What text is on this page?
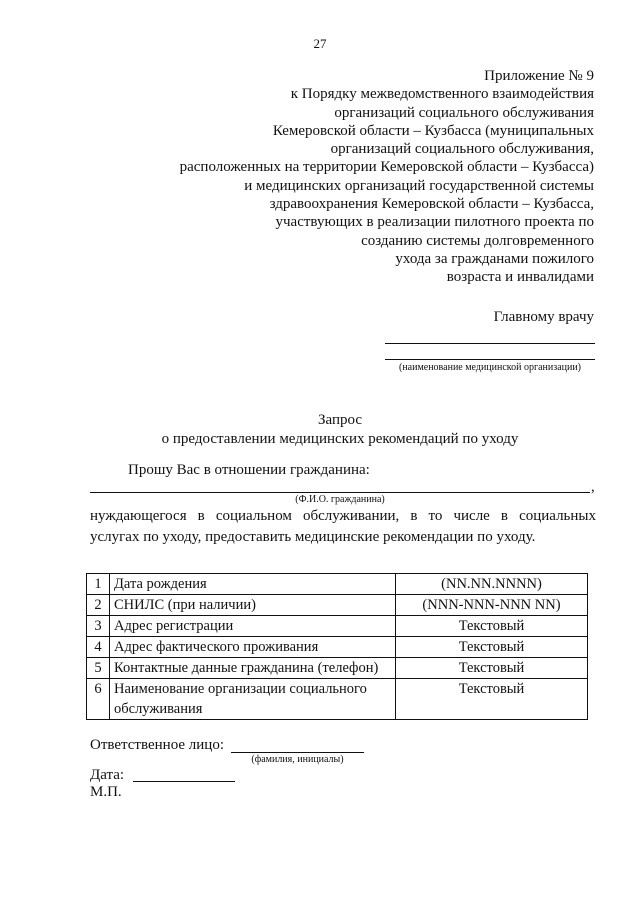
27
Приложение № 9
к Порядку межведомственного взаимодействия
организаций социального обслуживания
Кемеровской области – Кузбасса (муниципальных
организаций социального обслуживания,
расположенных на территории Кемеровской области – Кузбасса)
и медицинских организаций государственной системы
здравоохранения Кемеровской области – Кузбасса,
участвующих в реализации пилотного проекта по
созданию системы долговременного
ухода за гражданами пожилого
возраста и инвалидами
Главному врачу
(наименование медицинской организации)
Запрос
о предоставлении медицинских рекомендаций по уходу
Прошу Вас в отношении гражданина:
,
(Ф.И.О. гражданина)
нуждающегося в социальном обслуживании, в то числе в социальных
услугах по уходу, предоставить медицинские рекомендации по уходу.
1	Дата рождения	(NN.NN.NNNN)
2	СНИЛС (при наличии)	(NNN-NNN-NNN NN)
3	Адрес регистрации	Текстовый
4	Адрес фактического проживания	Текстовый
5	Контактные данные гражданина (телефон)	Текстовый
6	Наименование организации социального обслуживания	Текстовый
Ответственное лицо:
(фамилия, инициалы)
Дата:
М.П.
